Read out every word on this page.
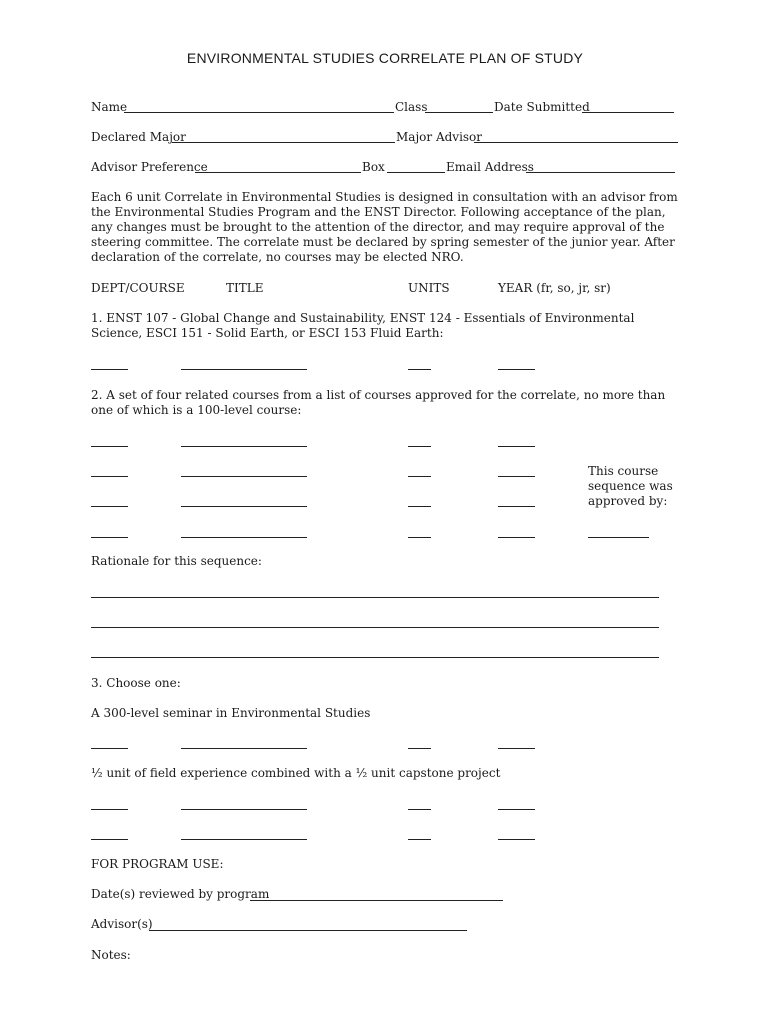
ENVIRONMENTAL STUDIES CORRELATE PLAN OF STUDY
Name	Class	Date Submitted
Declared Major	Major Advisor
Advisor Preference	Box	Email Address
Each 6 unit Correlate in Environmental Studies is designed in consultation with an advisor from the Environmental Studies Program and the ENST Director. Following acceptance of the plan, any changes must be brought to the attention of the director, and may require approval of the steering committee. The correlate must be declared by spring semester of the junior year. After declaration of the correlate, no courses may be elected NRO.
DEPT/COURSE	TITLE	UNITS	YEAR (fr, so, jr, sr)
1. ENST 107 - Global Change and Sustainability, ENST 124 - Essentials of Environmental Science, ESCI 151 - Solid Earth, or ESCI 153 Fluid Earth:
2. A set of four related courses from a list of courses approved for the correlate, no more than one of which is a 100-level course:
This course
sequence was
approved by:
Rationale for this sequence:
3. Choose one:
A 300-level seminar in Environmental Studies
½ unit of field experience combined with a ½ unit capstone project
FOR PROGRAM USE:
Date(s) reviewed by program
Advisor(s)
Notes:
